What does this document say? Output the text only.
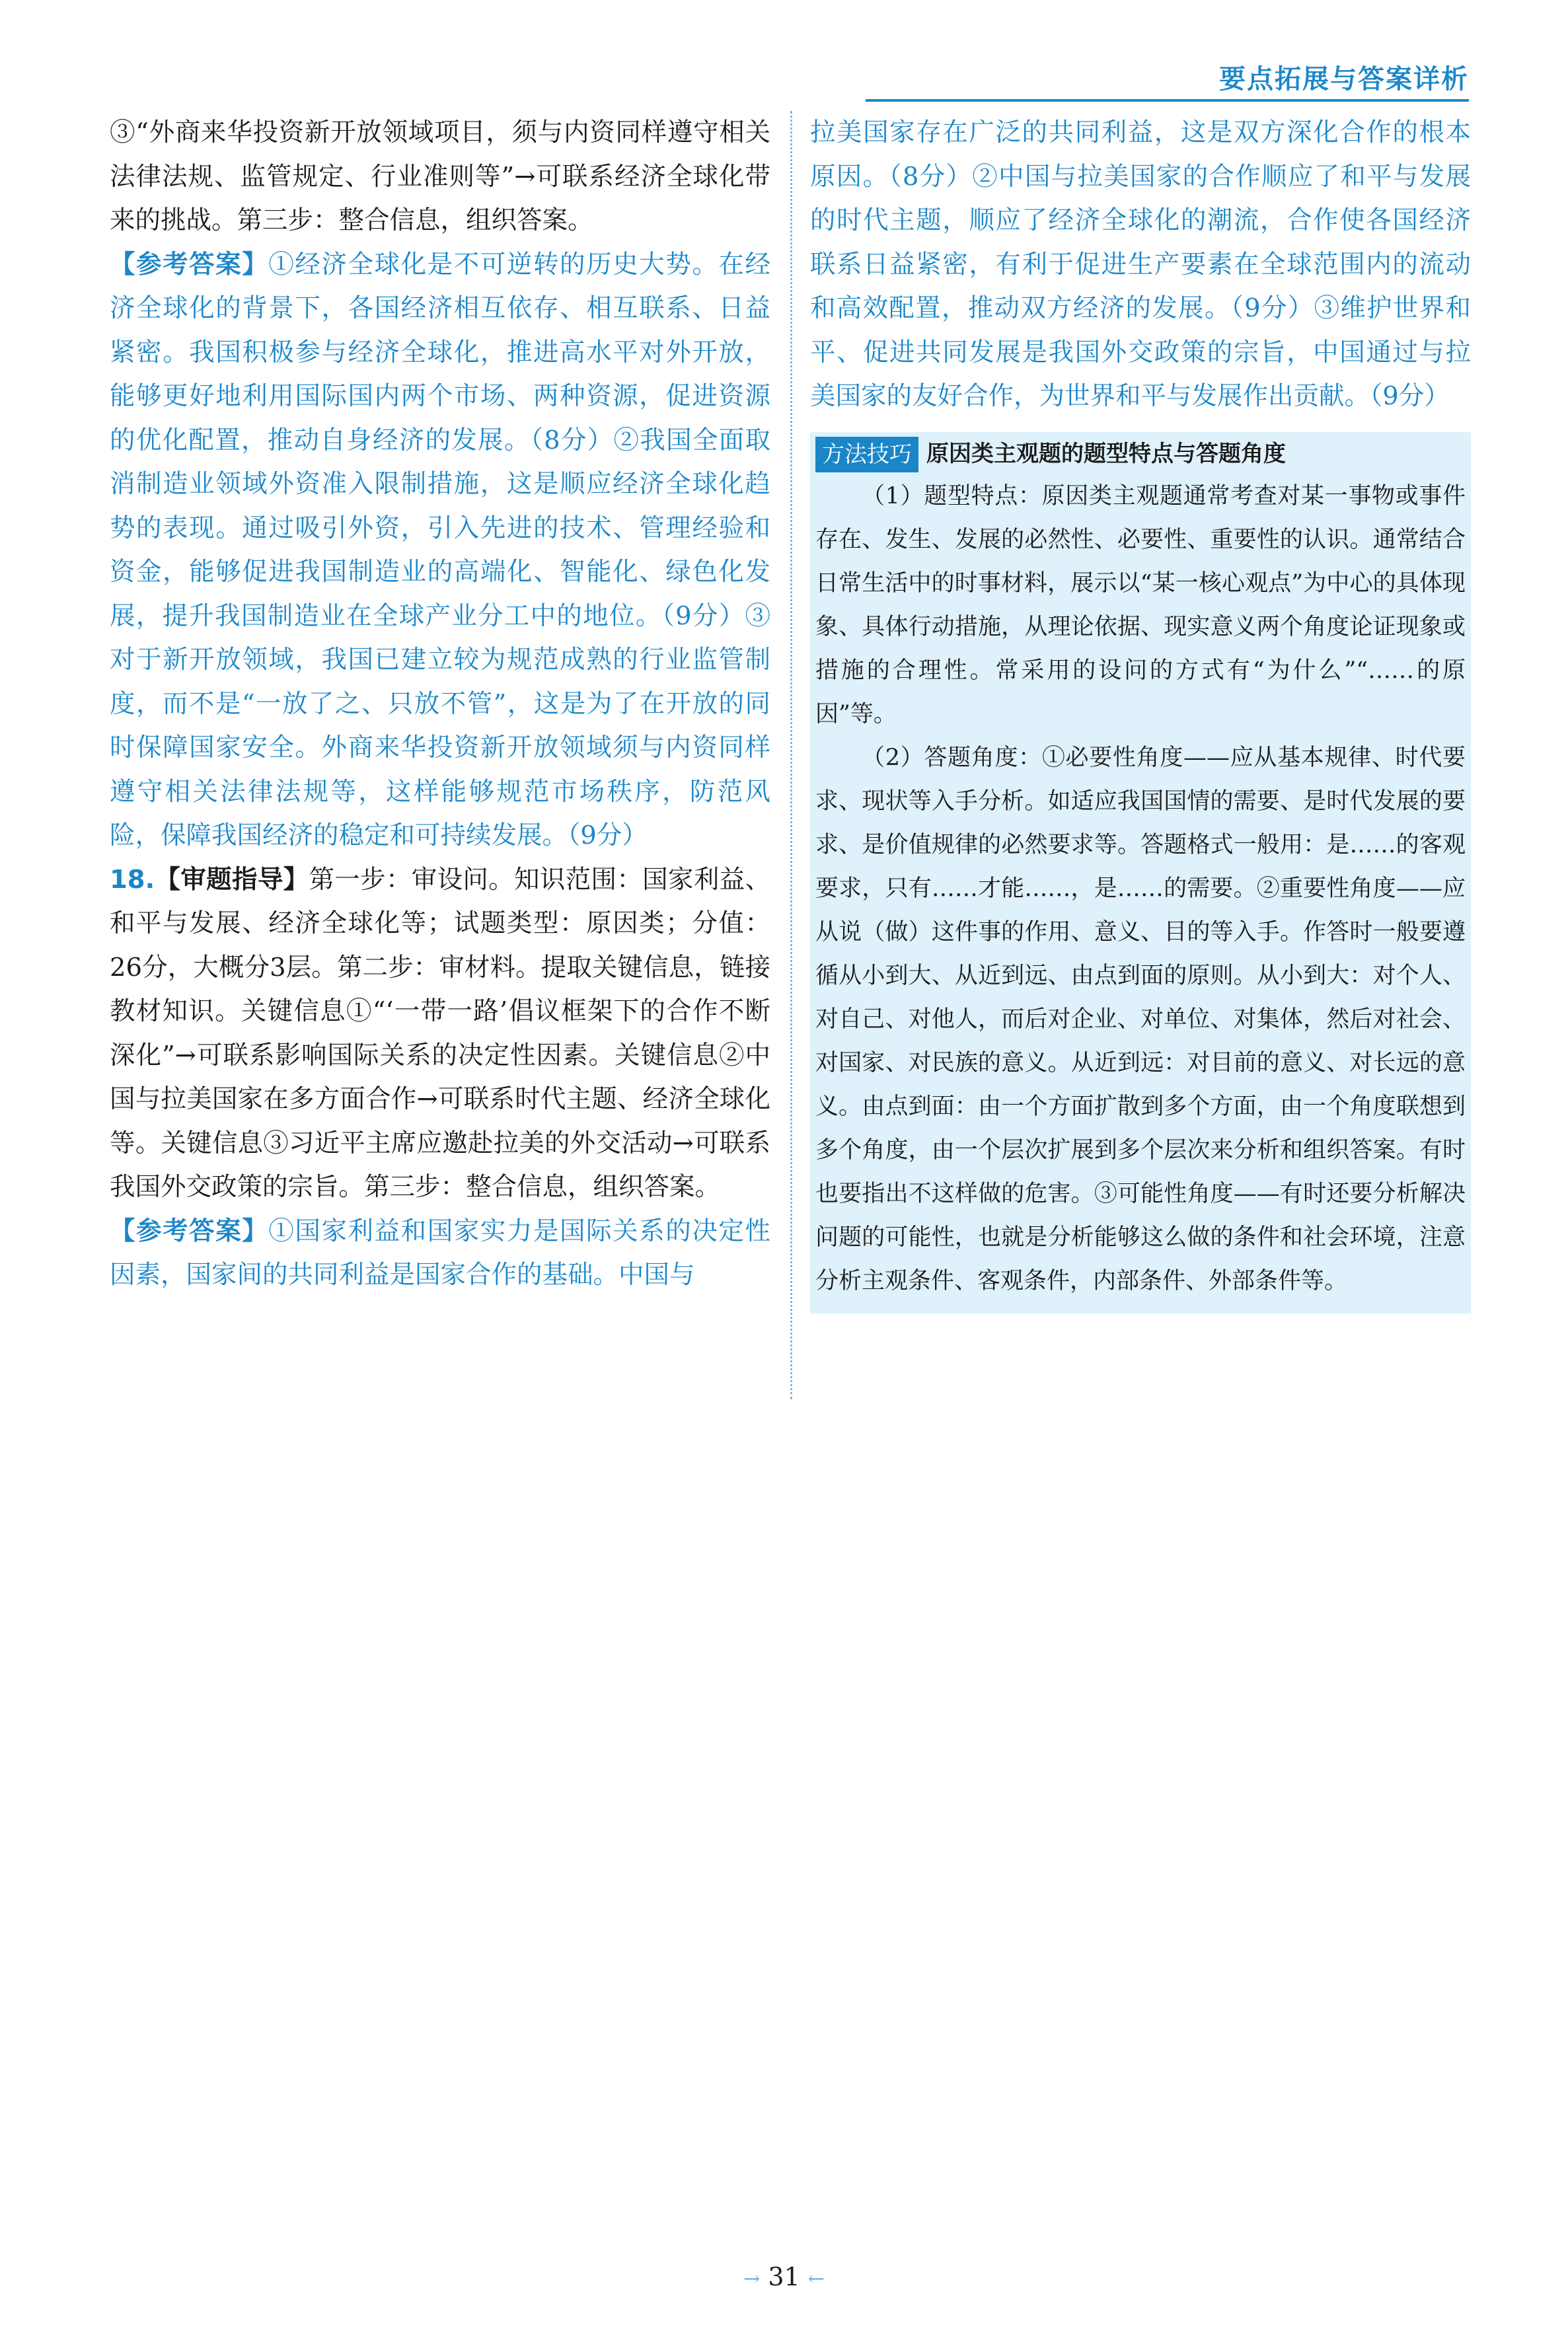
要点拓展与答案详析

③“外商来华投资新开放领域项目，须与内资同样遵守相关法律法规、监管规定、行业准则等”→可联系经济全球化带来的挑战。第三步：整合信息，组织答案。

【参考答案】①经济全球化是不可逆转的历史大势。在经济全球化的背景下，各国经济相互依存、相互联系、日益紧密。我国积极参与经济全球化，推进高水平对外开放，能够更好地利用国际国内两个市场、两种资源，促进资源的优化配置，推动自身经济的发展。（8分）②我国全面取消制造业领域外资准入限制措施，这是顺应经济全球化趋势的表现。通过吸引外资，引入先进的技术、管理经验和资金，能够促进我国制造业的高端化、智能化、绿色化发展，提升我国制造业在全球产业分工中的地位。（9分）③对于新开放领域，我国已建立较为规范成熟的行业监管制度，而不是“一放了之、只放不管”，这是为了在开放的同时保障国家安全。外商来华投资新开放领域须与内资同样遵守相关法律法规等，这样能够规范市场秩序，防范风险，保障我国经济的稳定和可持续发展。（9分）

18.【审题指导】第一步：审设问。知识范围：国家利益、和平与发展、经济全球化等；试题类型：原因类；分值：26分，大概分3层。第二步：审材料。提取关键信息，链接教材知识。关键信息①“‘一带一路’倡议框架下的合作不断深化”→可联系影响国际关系的决定性因素。关键信息②中国与拉美国家在多方面合作→可联系时代主题、经济全球化等。关键信息③习近平主席应邀赴拉美的外交活动→可联系我国外交政策的宗旨。第三步：整合信息，组织答案。

【参考答案】①国家利益和国家实力是国际关系的决定性因素，国家间的共同利益是国家合作的基础。中国与

拉美国家存在广泛的共同利益，这是双方深化合作的根本原因。（8分）②中国与拉美国家的合作顺应了和平与发展的时代主题，顺应了经济全球化的潮流，合作使各国经济联系日益紧密，有利于促进生产要素在全球范围内的流动和高效配置，推动双方经济的发展。（9分）③维护世界和平、促进共同发展是我国外交政策的宗旨，中国通过与拉美国家的友好合作，为世界和平与发展作出贡献。（9分）

方法技巧 原因类主观题的题型特点与答题角度

（1）题型特点：原因类主观题通常考查对某一事物或事件存在、发生、发展的必然性、必要性、重要性的认识。通常结合日常生活中的时事材料，展示以“某一核心观点”为中心的具体现象、具体行动措施，从理论依据、现实意义两个角度论证现象或措施的合理性。常采用的设问的方式有“为什么”“……的原因”等。

（2）答题角度：①必要性角度——应从基本规律、时代要求、现状等入手分析。如适应我国国情的需要、是时代发展的要求、是价值规律的必然要求等。答题格式一般用：是……的客观要求，只有……才能……，是……的需要。②重要性角度——应从说（做）这件事的作用、意义、目的等入手。作答时一般要遵循从小到大、从近到远、由点到面的原则。从小到大：对个人、对自己、对他人，而后对企业、对单位、对集体，然后对社会、对国家、对民族的意义。从近到远：对目前的意义、对长远的意义。由点到面：由一个方面扩散到多个方面，由一个角度联想到多个角度，由一个层次扩展到多个层次来分析和组织答案。有时也要指出不这样做的危害。③可能性角度——有时还要分析解决问题的可能性，也就是分析能够这么做的条件和社会环境，注意分析主观条件、客观条件，内部条件、外部条件等。

→ 31 ←
